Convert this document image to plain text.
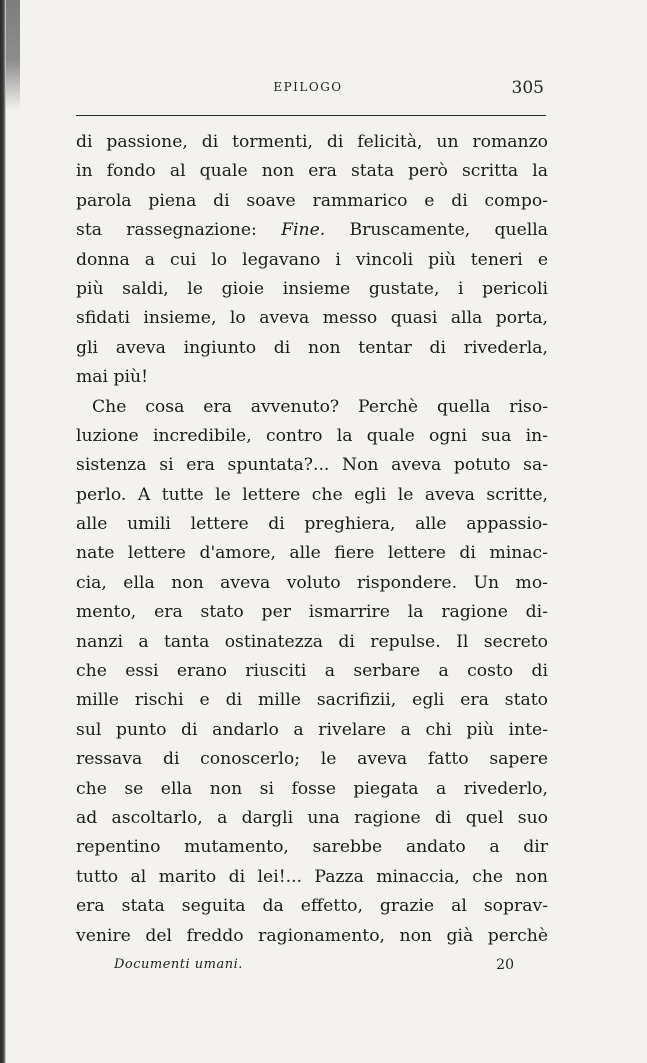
EPILOGO	305
di passione, di tormenti, di felicità, un romanzo
in fondo al quale non era stata però scritta la
parola piena di soave rammarico e di compo-
sta rassegnazione: Fine. Bruscamente, quella
donna a cui lo legavano i vincoli più teneri e
più saldi, le gioie insieme gustate, i pericoli
sfidati insieme, lo aveva messo quasi alla porta,
gli aveva ingiunto di non tentar di rivederla,
mai più!
Che cosa era avvenuto? Perchè quella riso-
luzione incredibile, contro la quale ogni sua in-
sistenza si era spuntata?... Non aveva potuto sa-
perlo. A tutte le lettere che egli le aveva scritte,
alle umili lettere di preghiera, alle appassio-
nate lettere d'amore, alle fiere lettere di minac-
cia, ella non aveva voluto rispondere. Un mo-
mento, era stato per ismarrire la ragione di-
nanzi a tanta ostinatezza di repulse. Il secreto
che essi erano riusciti a serbare a costo di
mille rischi e di mille sacrifizii, egli era stato
sul punto di andarlo a rivelare a chi più inte-
ressava di conoscerlo; le aveva fatto sapere
che se ella non si fosse piegata a rivederlo,
ad ascoltarlo, a dargli una ragione di quel suo
repentino mutamento, sarebbe andato a dir
tutto al marito di lei!... Pazza minaccia, che non
era stata seguita da effetto, grazie al soprav-
venire del freddo ragionamento, non già perchè
Documenti umani.	20
